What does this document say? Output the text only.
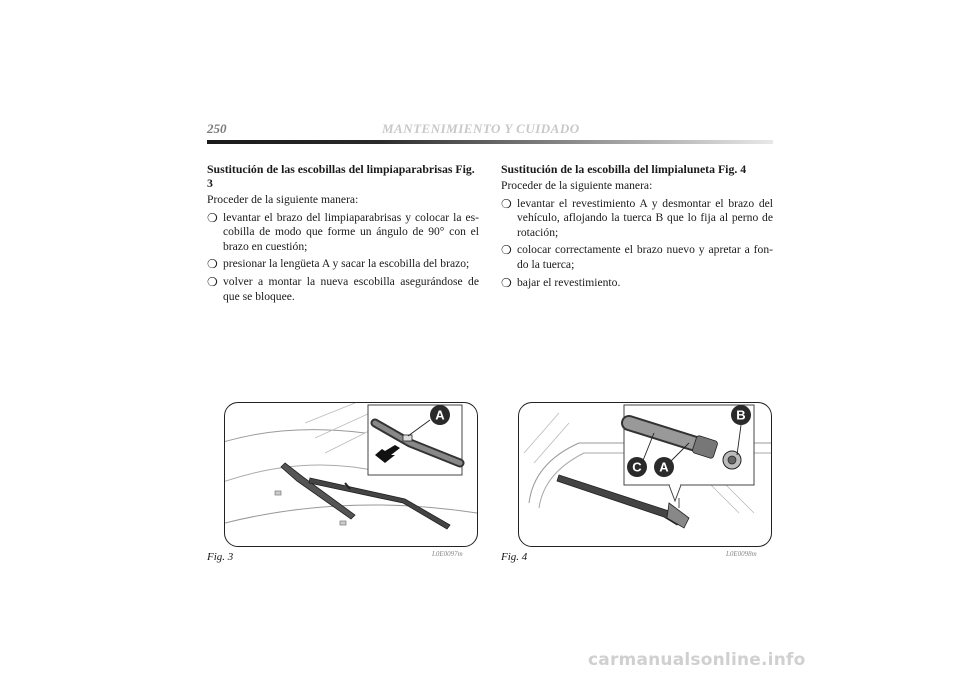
250	MANTENIMIENTO Y CUIDADO
Sustitución de las escobillas del limpiaparabrisas Fig. 3

Proceder de la siguiente manera:

❍ levantar el brazo del limpiaparabrisas y colocar la es-cobilla de modo que forme un ángulo de 90° con el brazo en cuestión;
❍ presionar la lengüeta A y sacar la escobilla del brazo;
❍ volver a montar la nueva escobilla asegurándose de que se bloquee.
Sustitución de la escobilla del limpialuneta Fig. 4

Proceder de la siguiente manera:

❍ levantar el revestimiento A y desmontar el brazo del vehículo, aflojando la tuerca B que lo fija al perno de rotación;
❍ colocar correctamente el brazo nuevo y apretar a fon-do la tuerca;
❍ bajar el revestimiento.
A
Fig. 3	L0E0097m
B
C A
Fig. 4	L0E0098m
carmanualsonline.info
